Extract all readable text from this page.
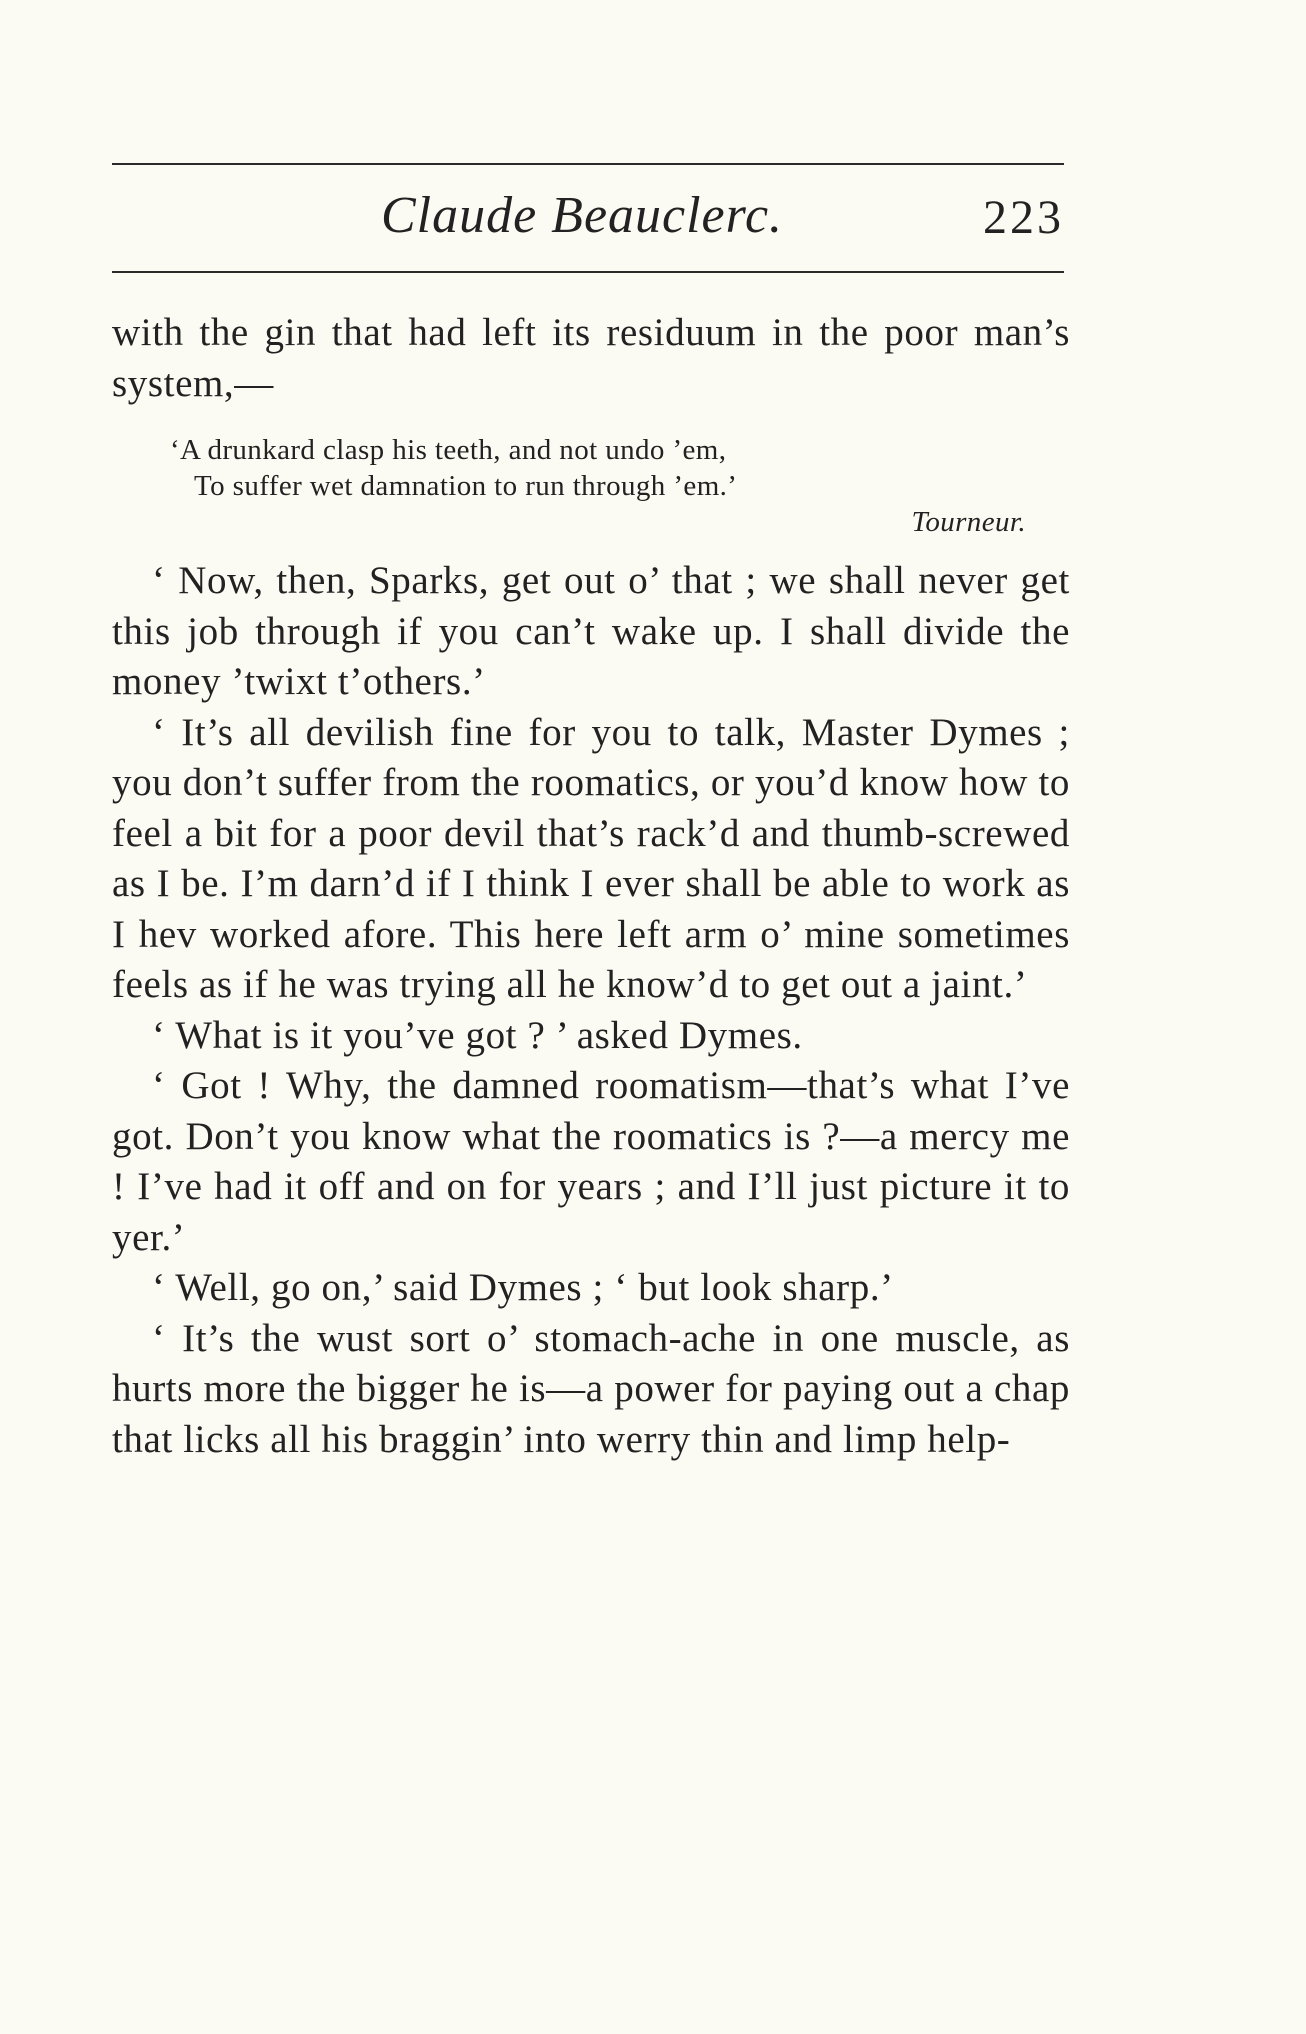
Claude Beauclerc.	223

with the gin that had left its residuum in the poor man’s system,—

‘A drunkard clasp his teeth, and not undo ’em,
To suffer wet damnation to run through ’em.’
Tourneur.

‘ Now, then, Sparks, get out o’ that ; we shall never get this job through if you can’t wake up. I shall divide the money ’twixt t’others.’

‘ It’s all devilish fine for you to talk, Master Dymes ; you don’t suffer from the roomatics, or you’d know how to feel a bit for a poor devil that’s rack’d and thumb-screwed as I be. I’m darn’d if I think I ever shall be able to work as I hev worked afore. This here left arm o’ mine sometimes feels as if he was trying all he know’d to get out a jaint.’

‘ What is it you’ve got ? ’ asked Dymes.

‘ Got ! Why, the damned roomatism—that’s what I’ve got. Don’t you know what the roomatics is ?—a mercy me ! I’ve had it off and on for years ; and I’ll just picture it to yer.’

‘ Well, go on,’ said Dymes ; ‘ but look sharp.’

‘ It’s the wust sort o’ stomach-ache in one muscle, as hurts more the bigger he is—a power for paying out a chap that licks all his braggin’ into werry thin and limp help-
